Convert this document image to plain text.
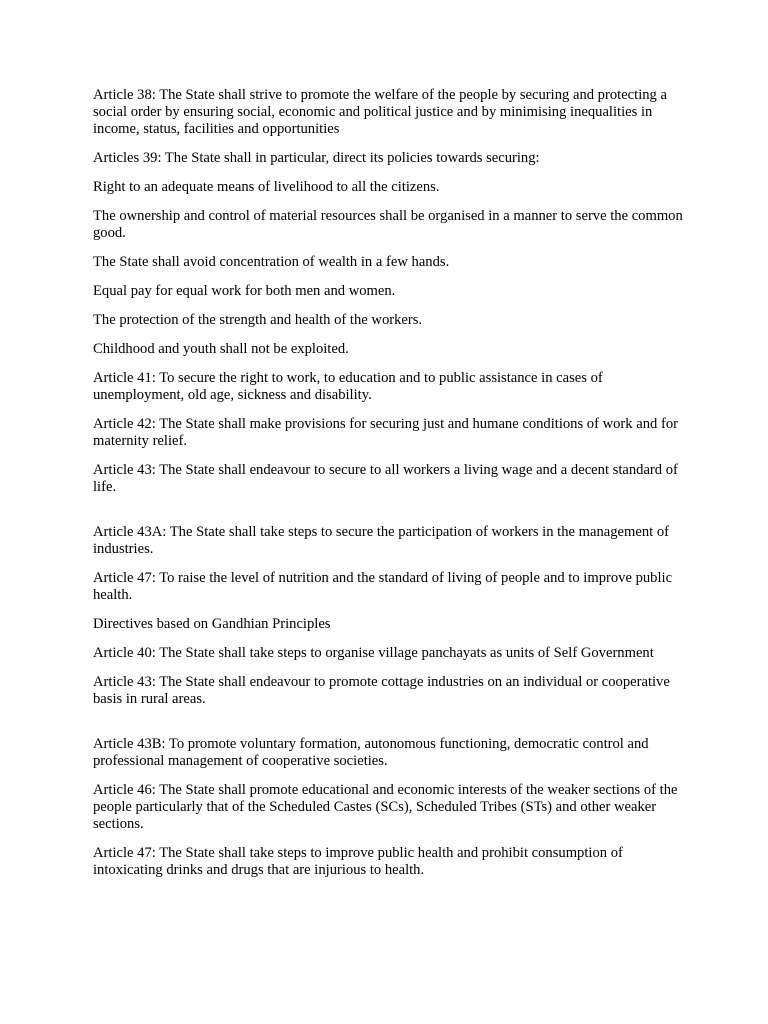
Article 38: The State shall strive to promote the welfare of the people by securing and protecting a social order by ensuring social, economic and political justice and by minimising inequalities in income, status, facilities and opportunities

Articles 39: The State shall in particular, direct its policies towards securing:

Right to an adequate means of livelihood to all the citizens.

The ownership and control of material resources shall be organised in a manner to serve the common good.

The State shall avoid concentration of wealth in a few hands.

Equal pay for equal work for both men and women.

The protection of the strength and health of the workers.

Childhood and youth shall not be exploited.

Article 41: To secure the right to work, to education and to public assistance in cases of unemployment, old age, sickness and disability.

Article 42: The State shall make provisions for securing just and humane conditions of work and for maternity relief.

Article 43: The State shall endeavour to secure to all workers a living wage and a decent standard of life.

Article 43A: The State shall take steps to secure the participation of workers in the management of industries.

Article 47: To raise the level of nutrition and the standard of living of people and to improve public health.

Directives based on Gandhian Principles

Article 40: The State shall take steps to organise village panchayats as units of Self Government

Article 43: The State shall endeavour to promote cottage industries on an individual or cooperative basis in rural areas.

Article 43B: To promote voluntary formation, autonomous functioning, democratic control and professional management of cooperative societies.

Article 46: The State shall promote educational and economic interests of the weaker sections of the people particularly that of the Scheduled Castes (SCs), Scheduled Tribes (STs) and other weaker sections.

Article 47: The State shall take steps to improve public health and prohibit consumption of intoxicating drinks and drugs that are injurious to health.
